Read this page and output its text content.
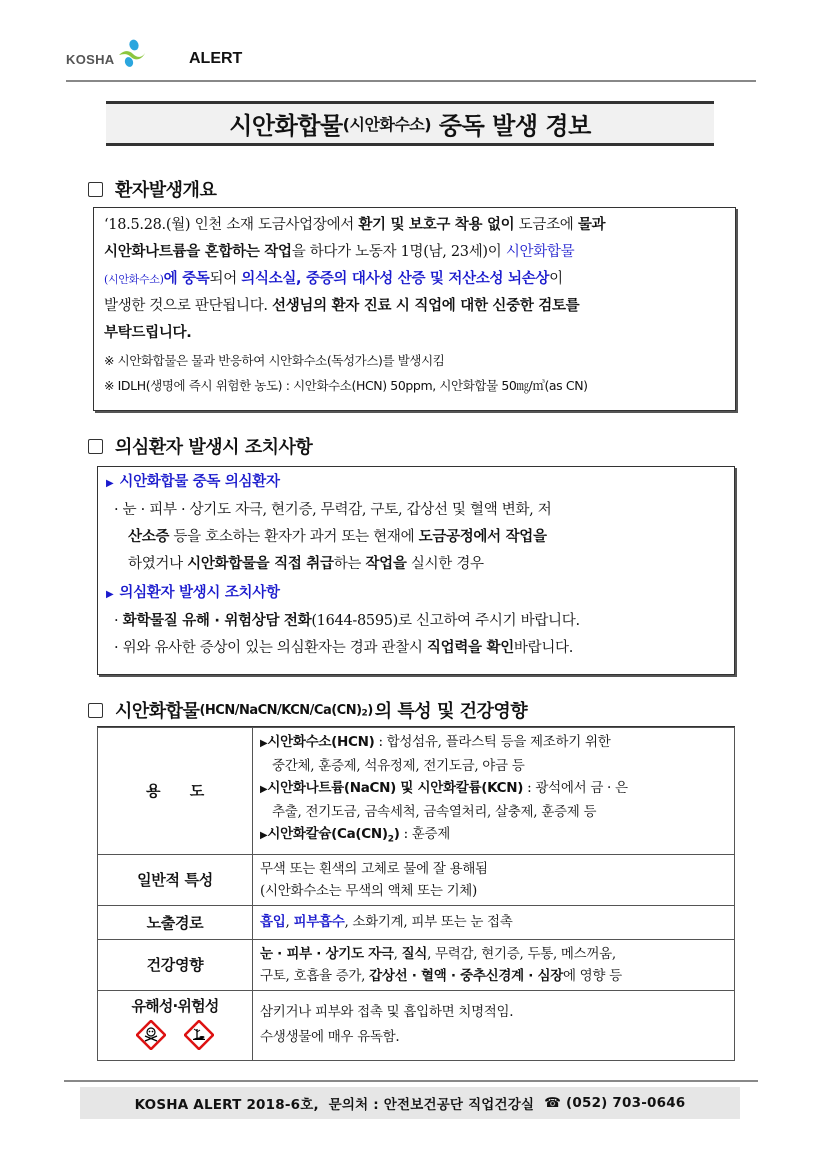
KOSHA	ALERT
시안화합물 (시안화수소) 중독 발생 경보
환자발생개요
‘18.5.28.(월) 인천 소재 도금사업장에서 환기 및 보호구 착용 없이 도금조에 물과
시안화나트륨을 혼합하는 작업을 하다가 노동자 1명(남, 23세)이 시안화합물
(시안화수소)에 중독되어 의식소실, 중증의 대사성 산증 및 저산소성 뇌손상이
발생한 것으로 판단됩니다. 선생님의 환자 진료 시 직업에 대한 신중한 검토를
부탁드립니다.
※ 시안화합물은 물과 반응하여 시안화수소(독성가스)를 발생시킴
※ IDLH(생명에 즉시 위험한 농도) : 시안화수소(HCN) 50ppm, 시안화합물 50㎎/㎥(as CN)
의심환자 발생시 조치사항
▶ 시안화합물 중독 의심환자
· 눈 · 피부 · 상기도 자극, 현기증, 무력감, 구토, 갑상선 및 혈액 변화, 저
산소증 등을 호소하는 환자가 과거 또는 현재에 도금공정에서 작업을
하였거나 시안화합물을 직접 취급하는 작업을 실시한 경우
▶ 의심환자 발생시 조치사항
· 화학물질 유해 · 위험상담 전화(1644-8595)로 신고하여 주시기 바랍니다.
· 위와 유사한 증상이 있는 의심환자는 경과 관찰시 직업력을 확인바랍니다.
시안화합물 (HCN/NaCN/KCN/Ca(CN) $_2$ ) 의 특성 및 건강영향
용      도	▶시안화수소(HCN) : 합성섬유, 플라스틱 등을 제조하기 위한
중간체, 훈증제, 석유정제, 전기도금, 야금 등
▶시안화나트륨(NaCN) 및 시안화칼륨(KCN) : 광석에서 금 · 은
추출, 전기도금, 금속세척, 금속열처리, 살충제, 훈증제 등
▶시안화칼슘$(Ca(CN)_2)$ : 훈증제

일반적 특성	무색 또는 흰색의 고체로 물에 잘 용해됨
(시안화수소는 무색의 액체 또는 기체)

노출경로	흡입, 피부흡수, 소화기계, 피부 또는 눈 접촉

건강영향	눈 · 피부 · 상기도 자극, 질식, 무력감, 현기증, 두통, 메스꺼움,
구토, 호흡율 증가, 갑상선 · 혈액 · 중추신경계 · 심장에 영향 등

유해성·위험성	삼키거나 피부와 접촉 및 흡입하면 치명적임.
수생생물에 매우 유독함.
KOSHA ALERT 2018-6호,  문의처 : 안전보건공단 직업건강실 ☎ (052) 703-0646
